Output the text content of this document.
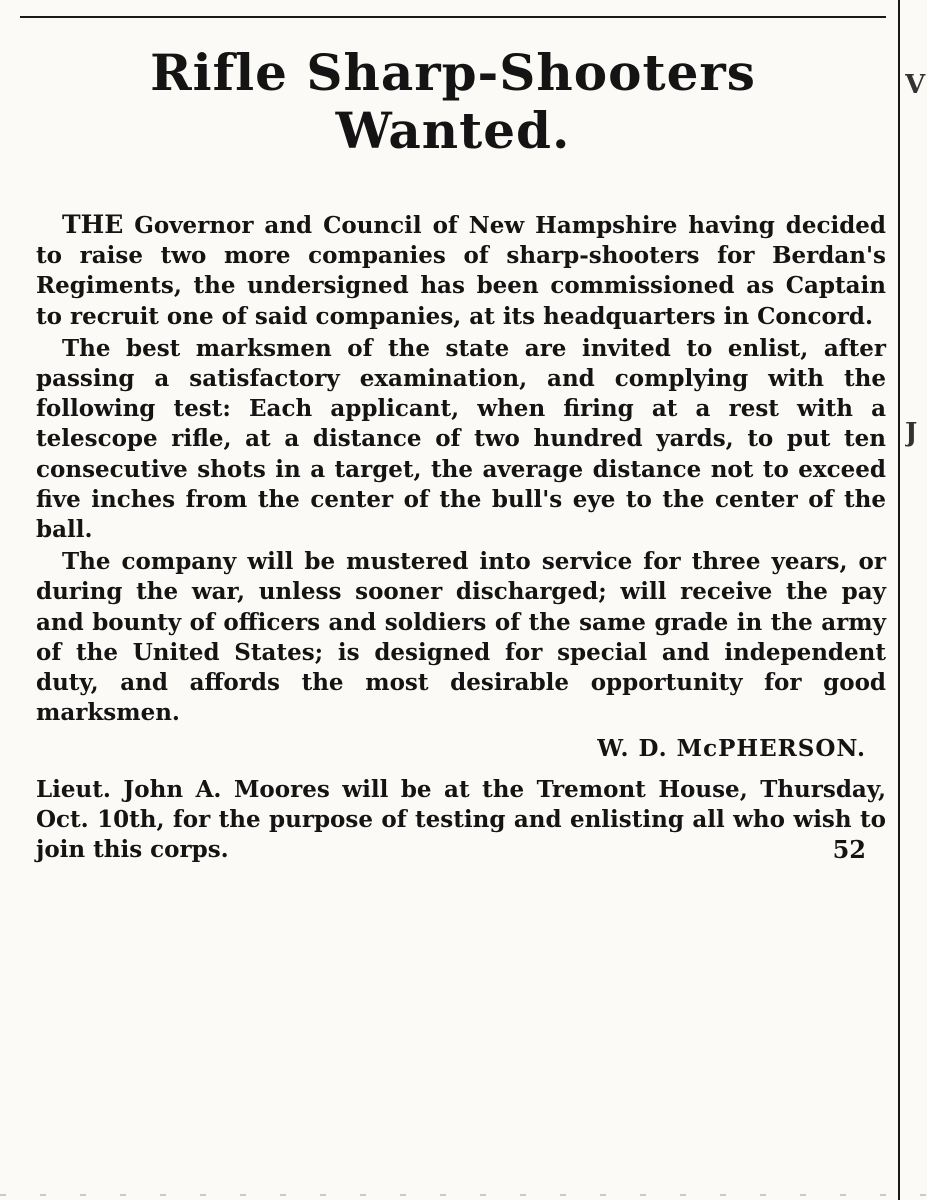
V
J
Rifle Sharp-Shooters
Wanted.

THE Governor and Council of New Hampshire having decided to raise two more companies of sharp-shooters for Berdan's Regiments, the undersigned has been commissioned as Captain to recruit one of said companies, at its headquarters in Concord.

The best marksmen of the state are invited to enlist, after passing a satisfactory examination, and complying with the following test: Each applicant, when firing at a rest with a telescope rifle, at a distance of two hundred yards, to put ten consecutive shots in a target, the average distance not to exceed five inches from the center of the bull's eye to the center of the ball.

The company will be mustered into service for three years, or during the war, unless sooner discharged; will receive the pay and bounty of officers and soldiers of the same grade in the army of the United States; is designed for special and independent duty, and affords the most desirable opportunity for good marksmen.

W. D. McPHERSON.

Lieut. John A. Moores will be at the Tremont House, Thursday, Oct. 10th, for the purpose of testing and enlisting all who wish to join this corps.	52
